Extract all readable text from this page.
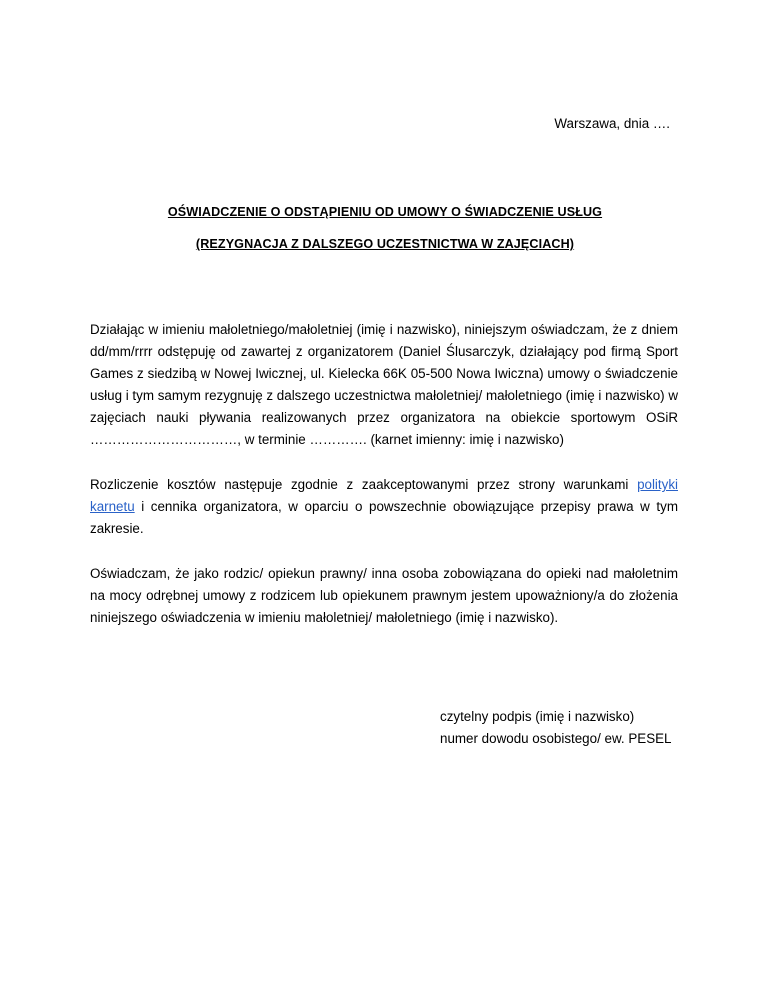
Warszawa, dnia ….
OŚWIADCZENIE O ODSTĄPIENIU OD UMOWY O ŚWIADCZENIE USŁUG
(REZYGNACJA Z DALSZEGO UCZESTNICTWA W ZAJĘCIACH)
Działając w imieniu małoletniego/małoletniej (imię i nazwisko), niniejszym oświadczam, że z dniem dd/mm/rrrr odstępuję od zawartej z organizatorem (Daniel Ślusarczyk, działający pod firmą Sport Games z siedzibą w Nowej Iwicznej, ul. Kielecka 66K 05-500 Nowa Iwiczna) umowy o świadczenie usług i tym samym rezygnuję z dalszego uczestnictwa małoletniej/ małoletniego (imię i nazwisko) w zajęciach nauki pływania realizowanych przez organizatora na obiekcie sportowym OSiR ……………………………, w terminie …………. (karnet imienny: imię i nazwisko)
Rozliczenie kosztów następuje zgodnie z zaakceptowanymi przez strony warunkami polityki karnetu i cennika organizatora, w oparciu o powszechnie obowiązujące przepisy prawa w tym zakresie.
Oświadczam, że jako rodzic/ opiekun prawny/ inna osoba zobowiązana do opieki nad małoletnim na mocy odrębnej umowy z rodzicem lub opiekunem prawnym jestem upoważniony/a do złożenia niniejszego oświadczenia w imieniu małoletniej/ małoletniego (imię i nazwisko).
czytelny podpis (imię i nazwisko)
numer dowodu osobistego/ ew. PESEL
